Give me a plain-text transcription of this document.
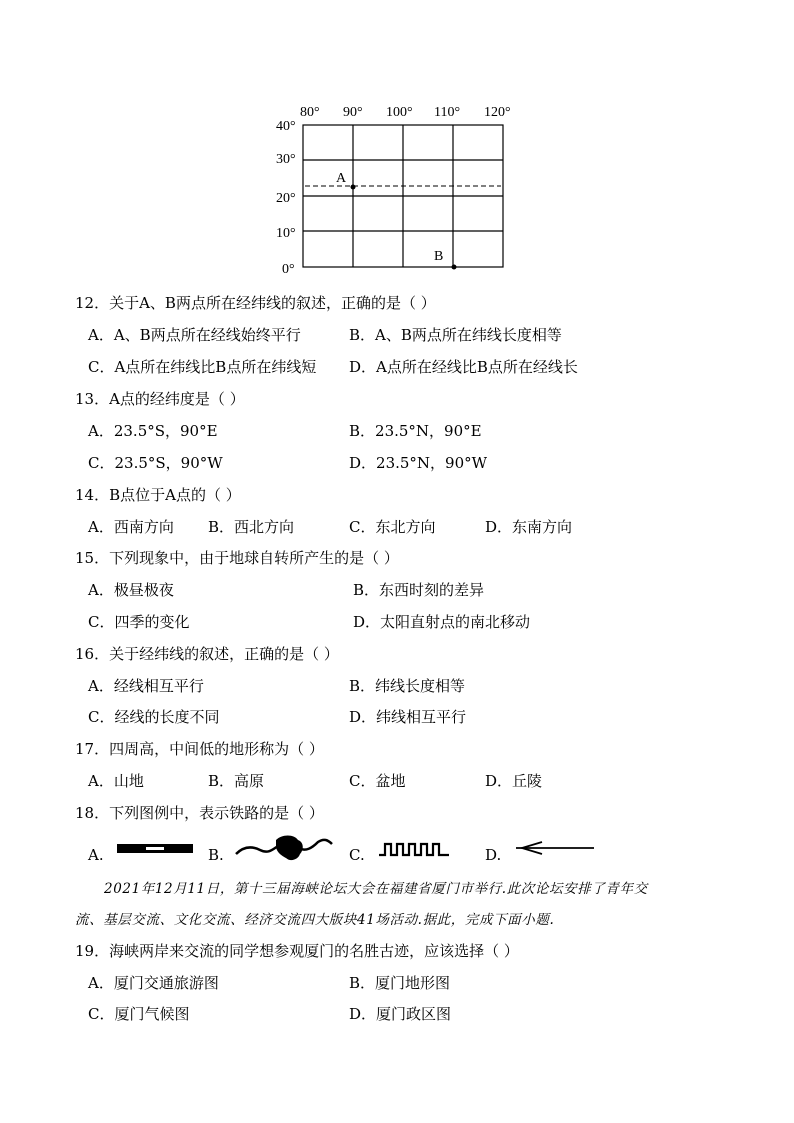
80° 90° 100° 110° 120°
40°
30°
20°
10°
0°
A
B
12．关于A、B两点所在经纬线的叙述，正确的是（ ）
A．A、B两点所在经线始终平行	B．A、B两点所在纬线长度相等
C．A点所在纬线比B点所在纬线短 D．A点所在经线比B点所在经线长
13．A点的经纬度是（ ）
A．23.5°S，90°E	B．23.5°N，90°E
C．23.5°S，90°W	D．23.5°N，90°W
14．B点位于A点的（ ）
A．西南方向 B．西北方向	C．东北方向	D．东南方向
15．下列现象中，由于地球自转所产生的是（ ）
A．极昼极夜	B．东西时刻的差异
C．四季的变化	D．太阳直射点的南北移动
16．关于经纬线的叙述，正确的是（ ）
A．经线相互平行	B．纬线长度相等
C．经线的长度不同	D．纬线相互平行
17．四周高，中间低的地形称为（ ）
A．山地	B．高原	C．盆地	D．丘陵
18．下列图例中，表示铁路的是（ ）
A.	B.	C.	D.
2021年12月11日，第十三届海峡论坛大会在福建省厦门市举行.此次论坛安排了青年交
流、基层交流、文化交流、经济交流四大版块41场活动.据此，完成下面小题.
19．海峡两岸来交流的同学想参观厦门的名胜古迹，应该选择（ ）
A．厦门交通旅游图	B．厦门地形图
C．厦门气候图	D．厦门政区图
